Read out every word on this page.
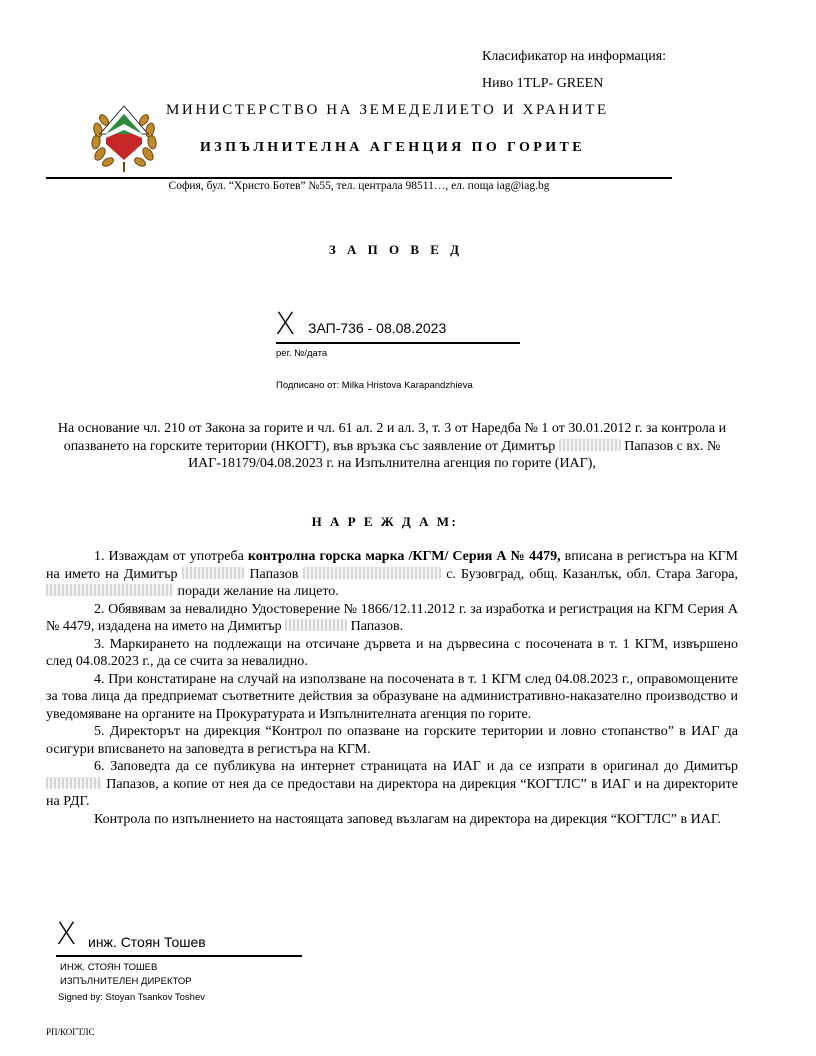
Класификатор на информация:
Ниво 1TLP- GREEN
МИНИСТЕРСТВО НА ЗЕМЕДЕЛИЕТО И ХРАНИТЕ
ИЗПЪЛНИТЕЛНА АГЕНЦИЯ ПО ГОРИТЕ
София, бул. “Христо Ботев” №55, тел. централа 98511…, ел. поща iag@iag.bg
З А П О В Е Д
X ЗАП-736 - 08.08.2023
рег. №/дата
Подписано от: Milka Hristova Karapandzhieva
На основание чл. 210 от Закона за горите и чл. 61 ал. 2 и ал. 3, т. 3 от Наредба № 1 от 30.01.2012 г. за контрола и опазването на горските територии (НКОГТ), във връзка със заявление от Димитър	Папазов с вх. № ИАГ-18179/04.08.2023 г. на Изпълнителна агенция по горите (ИАГ),
Н А Р Е Ж Д А М:

1. Изваждам от употреба контролна горска марка /КГМ/ Серия А № 4479, вписана в регистъра на КГМ на името на Димитър	Папазов	с. Бузовград, общ. Казанлък, обл. Стара Загора,  поради желание на лицето.

2. Обявявам за невалидно Удостоверение № 1866/12.11.2012 г. за изработка и регистрация на КГМ Серия А № 4479, издадена на името на Димитър	Папазов.

3. Маркирането на подлежащи на отсичане дърветa и на дървесина с посочената в т. 1 КГМ, извършено след 04.08.2023 г., да се счита за невалидно.

4. При констатиране на случай на използване на посочената в т. 1 КГМ след 04.08.2023 г., оправомощените за това лица да предприемат съответните действия за образуване на административно-наказателно производство и уведомяване на органите на Прокуратурата и Изпълнителната агенция по горите.

5. Директорът на дирекция “Контрол по опазване на горските територии и ловно стопанство” в ИАГ да осигури вписването на заповедта в регистъра на КГМ.

6. Заповедта да се публикува на интернет страницата на ИАГ и да се изпрати в оригинал до Димитър  Папазов, а копие от нея да се предостави на директора на дирекция “КОГТЛС” в ИАГ и на директорите на РДГ.

Контрола по изпълнението на настоящата заповед възлагам на директора на дирекция “КОГТЛС” в ИАГ.

X инж. Стоян Тошев
ИНЖ. СТОЯН ТОШЕВ
ИЗПЪЛНИТЕЛЕН ДИРЕКТОР
Signed by: Stoyan Tsankov Toshev
РП/КОГТЛС
